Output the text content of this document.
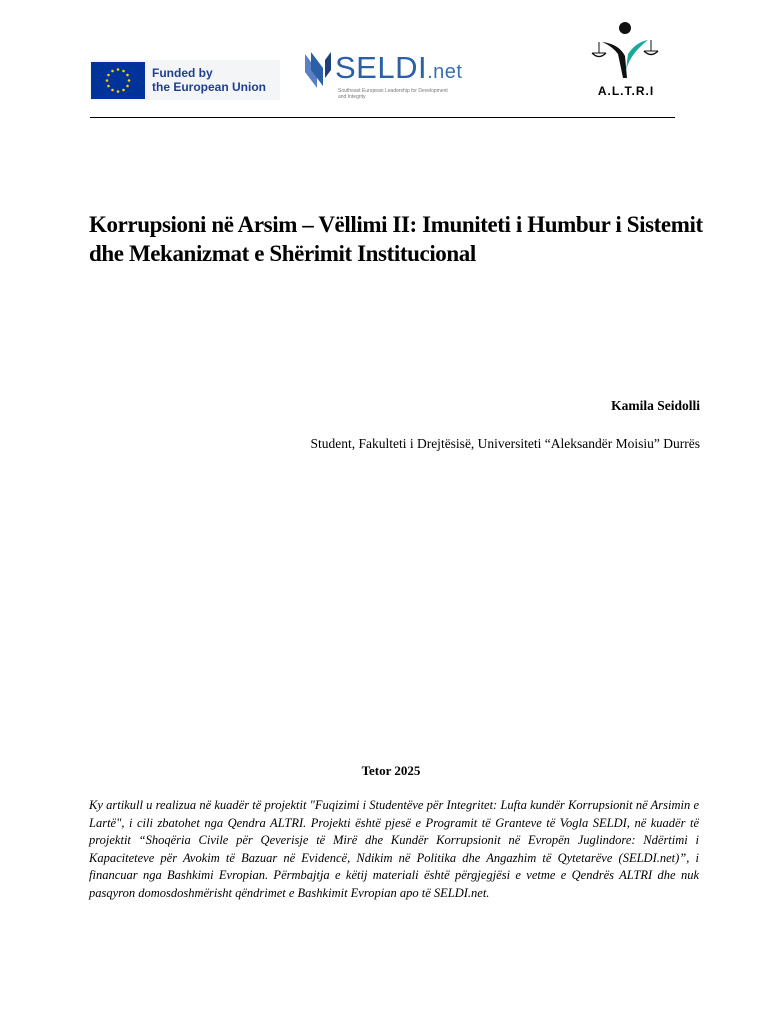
Funded by
the European Union
SELDI.net
Southeast European Leadership for Development and Integrity	A.L.T.R.I
Korrupsioni në Arsim – Vëllimi II: Imuniteti i Humbur i Sistemit dhe Mekanizmat e Shërimit Institucional
Kamila Seidolli
Student, Fakulteti i Drejtësisë, Universiteti “Aleksandër Moisiu” Durrës
Tetor 2025

Ky artikull u realizua në kuadër të projektit "Fuqizimi i Studentëve për Integritet: Lufta kundër Korrupsionit në Arsimin e Lartë", i cili zbatohet nga Qendra ALTRI. Projekti është pjesë e Programit të Granteve të Vogla SELDI, në kuadër të projektit “Shoqëria Civile për Qeverisje të Mirë dhe Kundër Korrupsionit në Evropën Juglindore: Ndërtimi i Kapaciteteve për Avokim të Bazuar në Evidencë, Ndikim në Politika dhe Angazhim të Qytetarëve (SELDI.net)”, i financuar nga Bashkimi Evropian. Përmbajtja e këtij materiali është përgjegjësi e vetme e Qendrës ALTRI dhe nuk pasqyron domosdoshmërisht qëndrimet e Bashkimit Evropian apo të SELDI.net.
